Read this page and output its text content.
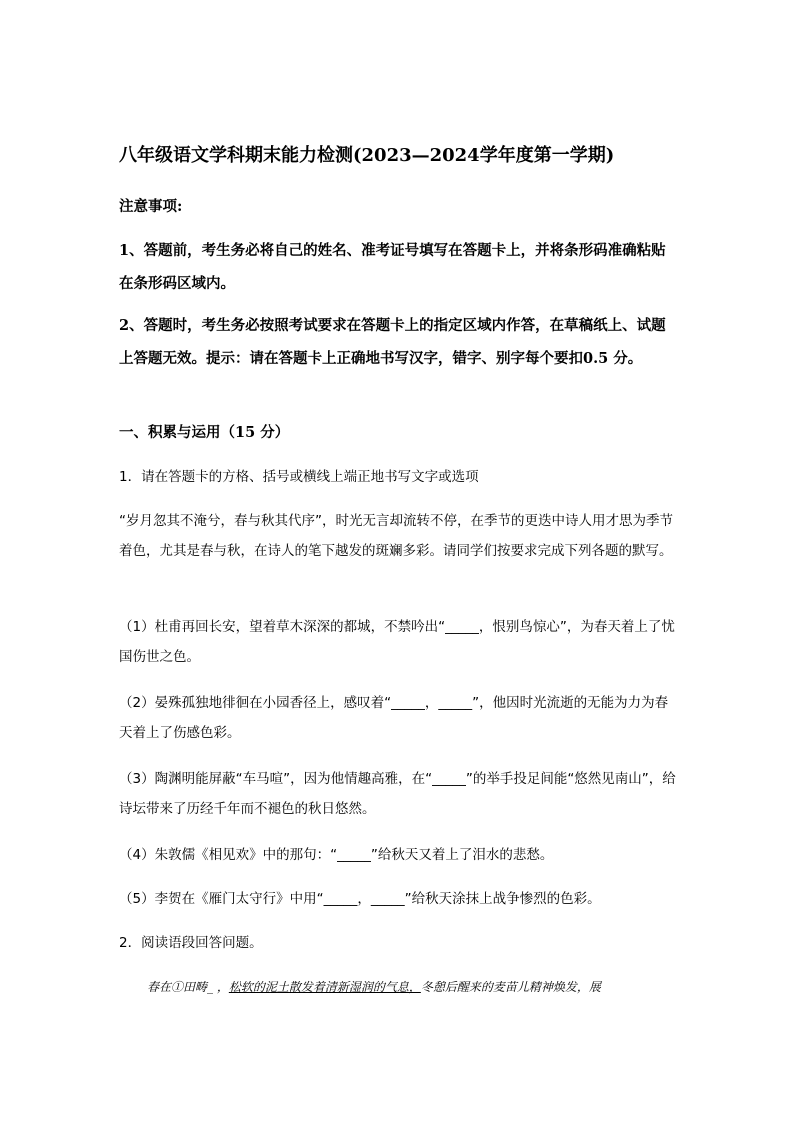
八年级语文学科期末能力检测(2023—2024学年度第一学期)
注意事项:
1、答题前，考生务必将自己的姓名、准考证号填写在答题卡上，并将条形码准确粘贴在条形码区域内。
2、答题时，考生务必按照考试要求在答题卡上的指定区域内作答，在草稿纸上、试题上答题无效。提示：请在答题卡上正确地书写汉字，错字、别字每个要扣0.5 分。
一、积累与运用（15 分）
1．请在答题卡的方格、括号或横线上端正地书写文字或选项
“岁月忽其不淹兮，春与秋其代序”，时光无言却流转不停，在季节的更迭中诗人用才思为季节着色，尤其是春与秋，在诗人的笔下越发的斑斓多彩。请同学们按要求完成下列各题的默写。
（1）杜甫再回长安，望着草木深深的都城，不禁吟出“_____，恨别鸟惊心”，为春天着上了忧国伤世之色。
（2）晏殊孤独地徘徊在小园香径上，感叹着“_____，_____”，他因时光流逝的无能为力为春天着上了伤感色彩。
（3）陶渊明能屏蔽“车马喧”，因为他情趣高雅，在“_____”的举手投足间能“悠然见南山”，给诗坛带来了历经千年而不褪色的秋日悠然。
（4）朱敦儒《相见欢》中的那句：“_____”给秋天又着上了泪水的悲愁。
（5）李贺在《雁门太守行》中用“_____，_____”给秋天涂抹上战争惨烈的色彩。
2．阅读语段回答问题。
春在①田畴_ ，松软的泥土散发着清新湿润的气息，冬憩后醒来的麦苗儿精神焕发，展
